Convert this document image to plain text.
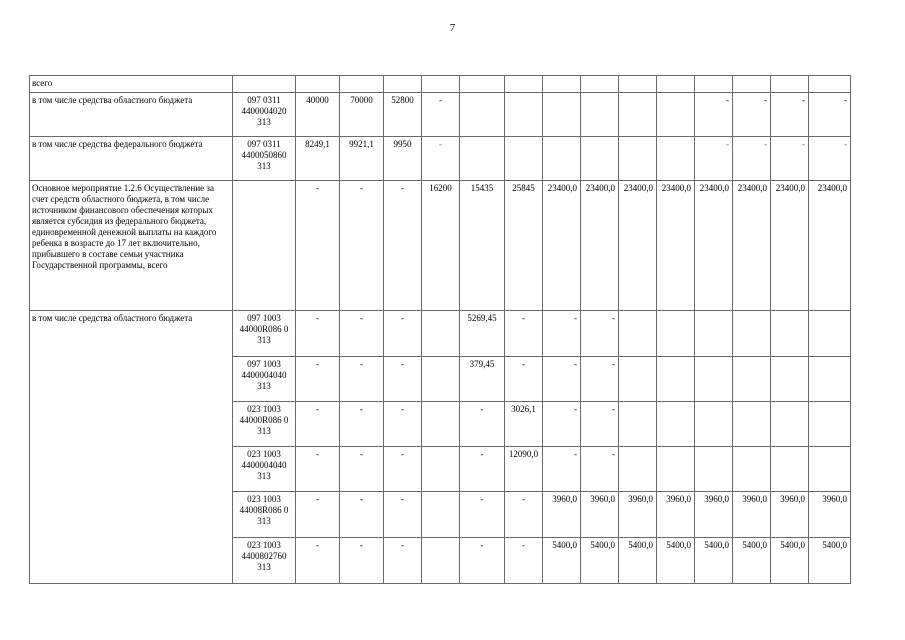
7
всего															
в том числе средства областного бюджета	097 0311 4400004020 313	40000	70000	52800	-							-	-	-	-
в том числе средства федерального бюджета	097 0311 4400050860 313	8249,1	9921,1	9950	-							-	-	-	-
Основное мероприятие 1.2.6 Осуществление за счет средств областного бюджета, в том числе источником финансового обеспечения которых является субсидия из федерального бюджета, единовременной денежной выплаты на каждого ребенка в возрасте до 17 лет включительно, прибывшего в составе семьи участника Государственной программы, всего		-	-	-	16200	15435	25845	23400,0	23400,0	23400,0	23400,0	23400,0	23400,0	23400,0	23400,0
в том числе средства областного бюджета	097 1003 44000R086 0 313	-	-	-		5269,45	-	-	-						
	097 1003 4400004040 313	-	-	-		379,45	-	-	-						
	023 1003 44000R086 0 313	-	-	-		-	3026,1	-	-						
	023 1003 4400004040 313	-	-	-		-	12090,0	-	-						
	023 1003 44008R086 0 313	-	-	-		-	-	3960,0	3960,0	3960,0	3960,0	3960,0	3960,0	3960,0	3960,0
	023 1003 4400802760 313	-	-	-		-	-	5400,0	5400,0	5400,0	5400,0	5400,0	5400,0	5400,0	5400,0
